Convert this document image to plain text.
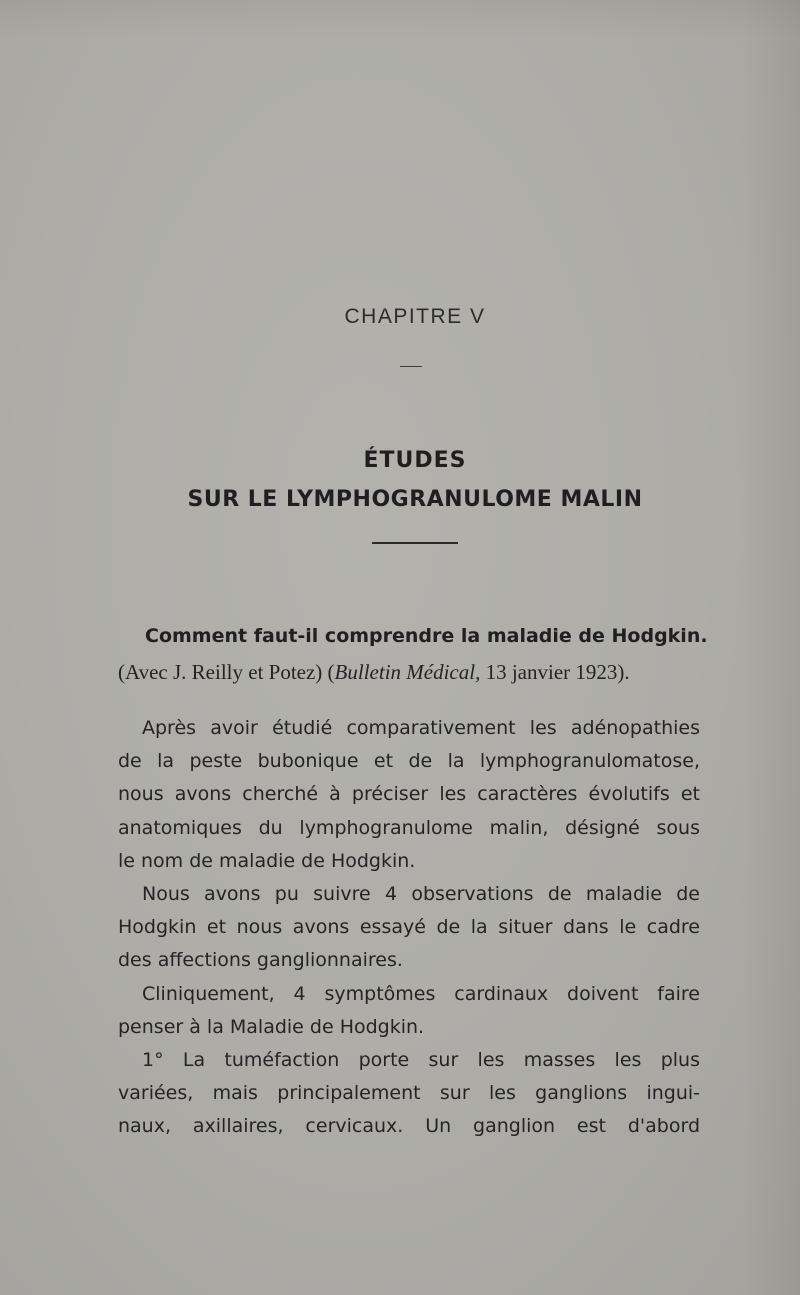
CHAPITRE V
ÉTUDES
SUR LE LYMPHOGRANULOME MALIN
Comment faut-il comprendre la maladie de Hodgkin.
(Avec J. Reilly et Potez) (Bulletin Médical, 13 janvier 1923).
Après avoir étudié comparativement les adénopathies
de la peste bubonique et de la lymphogranulomatose,
nous avons cherché à préciser les caractères évolutifs et
anatomiques du lymphogranulome malin, désigné sous
le nom de maladie de Hodgkin.
Nous avons pu suivre 4 observations de maladie de
Hodgkin et nous avons essayé de la situer dans le cadre
des affections ganglionnaires.
Cliniquement, 4 symptômes cardinaux doivent faire
penser à la Maladie de Hodgkin.
1° La tuméfaction porte sur les masses les plus
variées, mais principalement sur les ganglions ingui-
naux, axillaires, cervicaux. Un ganglion est d'abord
